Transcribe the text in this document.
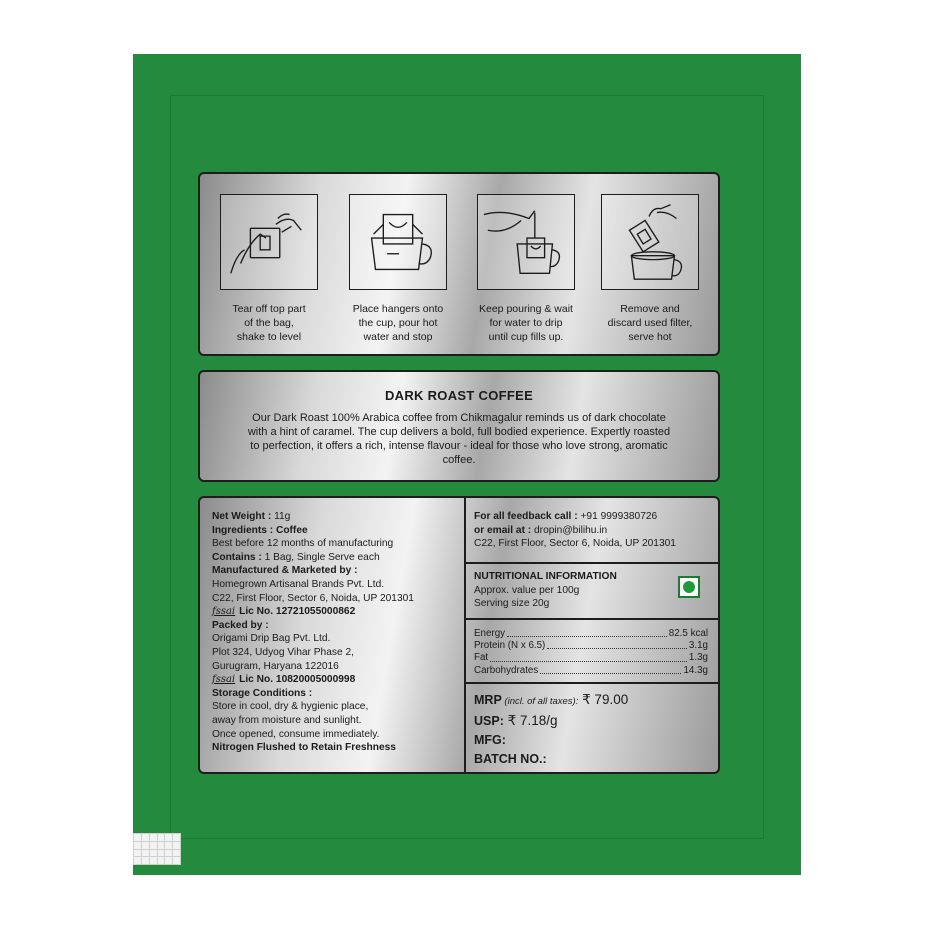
Tear off top part
of the bag,
shake to level
Place hangers onto
the cup, pour hot
water and stop
Keep pouring & wait
for water to drip
until cup fills up.
Remove and
discard used filter,
serve hot
DARK ROAST COFFEE

Our Dark Roast 100% Arabica coffee from Chikmagalur reminds us of dark chocolate with a hint of caramel. The cup delivers a bold, full bodied experience. Expertly roasted to perfection, it offers a rich, intense flavour - ideal for those who love strong, aromatic coffee.

Net Weight : 11g
Ingredients : Coffee
Best before 12 months of manufacturing
Contains : 1 Bag, Single Serve each
Manufactured & Marketed by :
Homegrown Artisanal Brands Pvt. Ltd.
C22, First Floor, Sector 6, Noida, UP 201301
fssai Lic No. 12721055000862
Packed by :
Origami Drip Bag Pvt. Ltd.
Plot 324, Udyog Vihar Phase 2,
Gurugram, Haryana 122016
fssai Lic No. 10820005000998
Storage Conditions :
Store in cool, dry & hygienic place,
away from moisture and sunlight.
Once opened, consume immediately.
Nitrogen Flushed to Retain Freshness
For all feedback call : +91 9999380726
or email at : dropin@bilihu.in
C22, First Floor, Sector 6, Noida, UP 201301
NUTRITIONAL INFORMATION
Approx. value per 100g
Serving size 20g
Energy	82.5 kcal
Protein (N x 6.5)	3.1g
Fat	1.3g
Carbohydrates	14.3g
MRP (incl. of all taxes): ₹ 79.00
USP: ₹ 7.18/g
MFG:
BATCH NO.:
